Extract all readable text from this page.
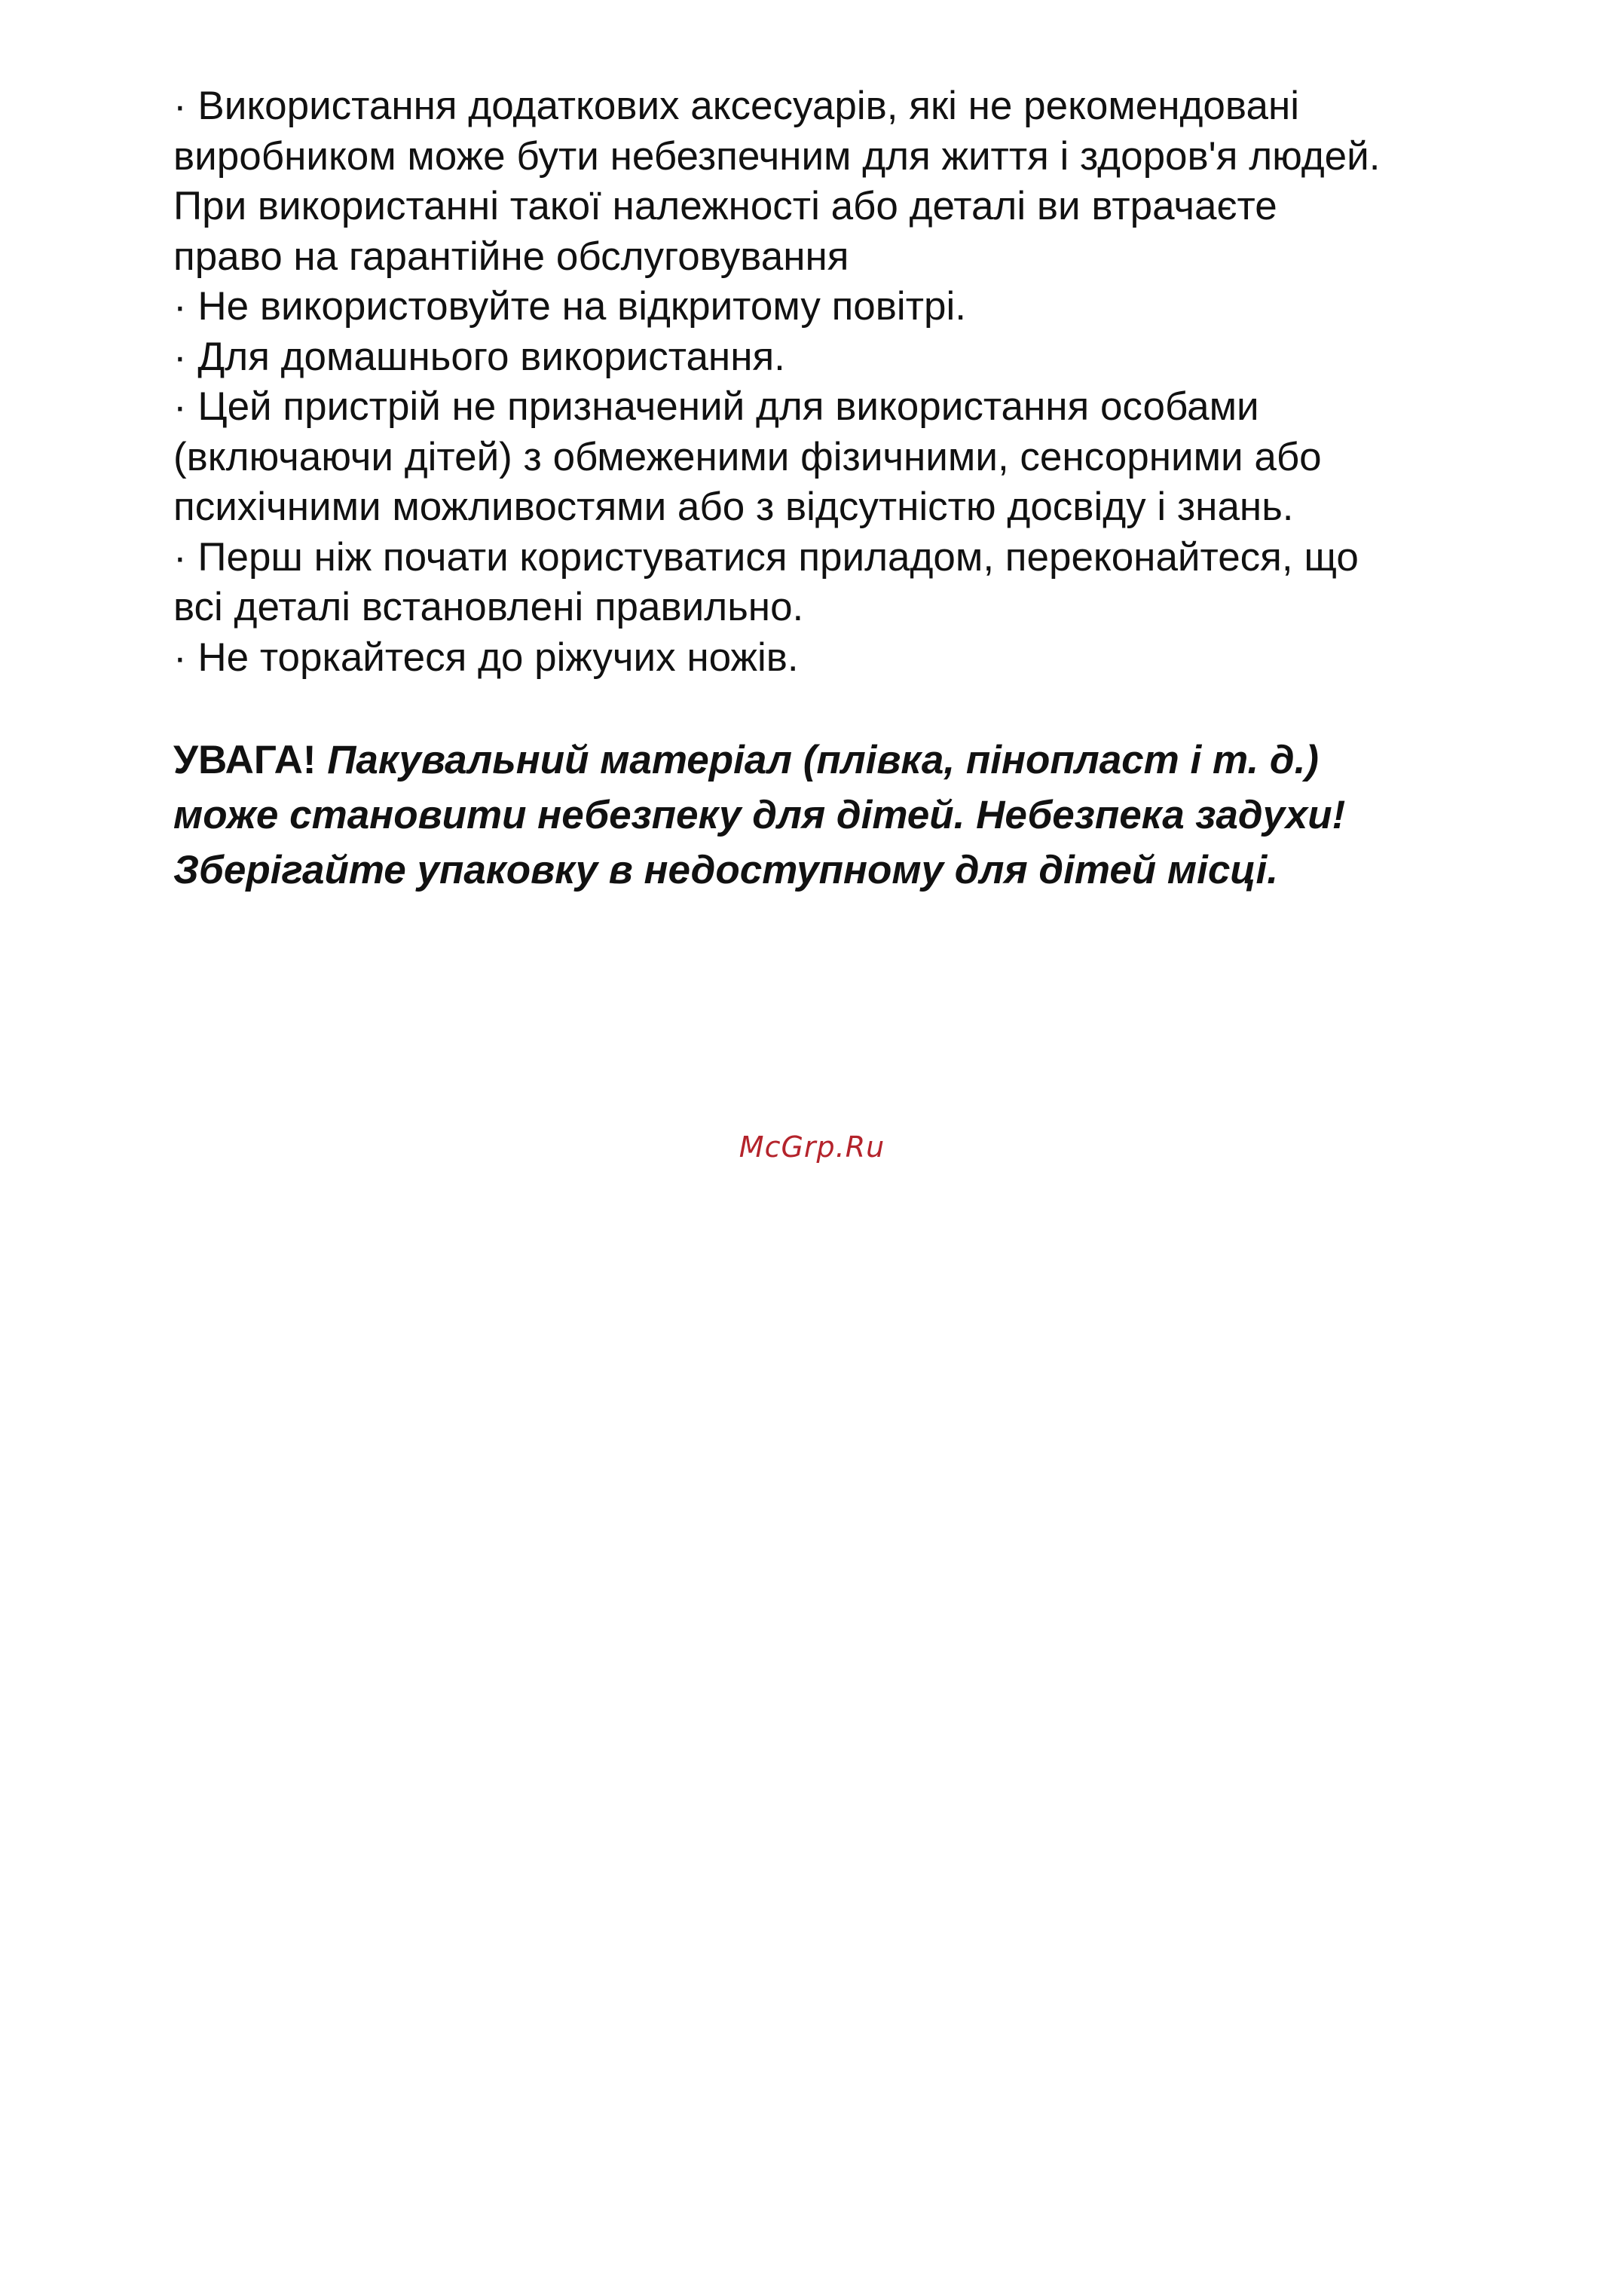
· Використання додаткових аксесуарів, які не рекомендовані

виробником може бути небезпечним для життя і здоров'я людей.

При використанні такої належності або деталі ви втрачаєте

право на гарантійне обслуговування

· Не використовуйте на відкритому повітрі.

· Для домашнього використання.

· Цей пристрій не призначений для використання особами

(включаючи дітей) з обмеженими фізичними, сенсорними або

психічними можливостями або з відсутністю досвіду і знань.

· Перш ніж почати користуватися приладом, переконайтеся, що

всі деталі встановлені правильно.

· Не торкайтеся до ріжучих ножів.

УВАГА! Пакувальний матеріал (плівка, пінопласт і т. д.)

може становити небезпеку для дітей. Небезпека задухи!

Зберігайте упаковку в недоступному для дітей місці.

McGrp.Ru
